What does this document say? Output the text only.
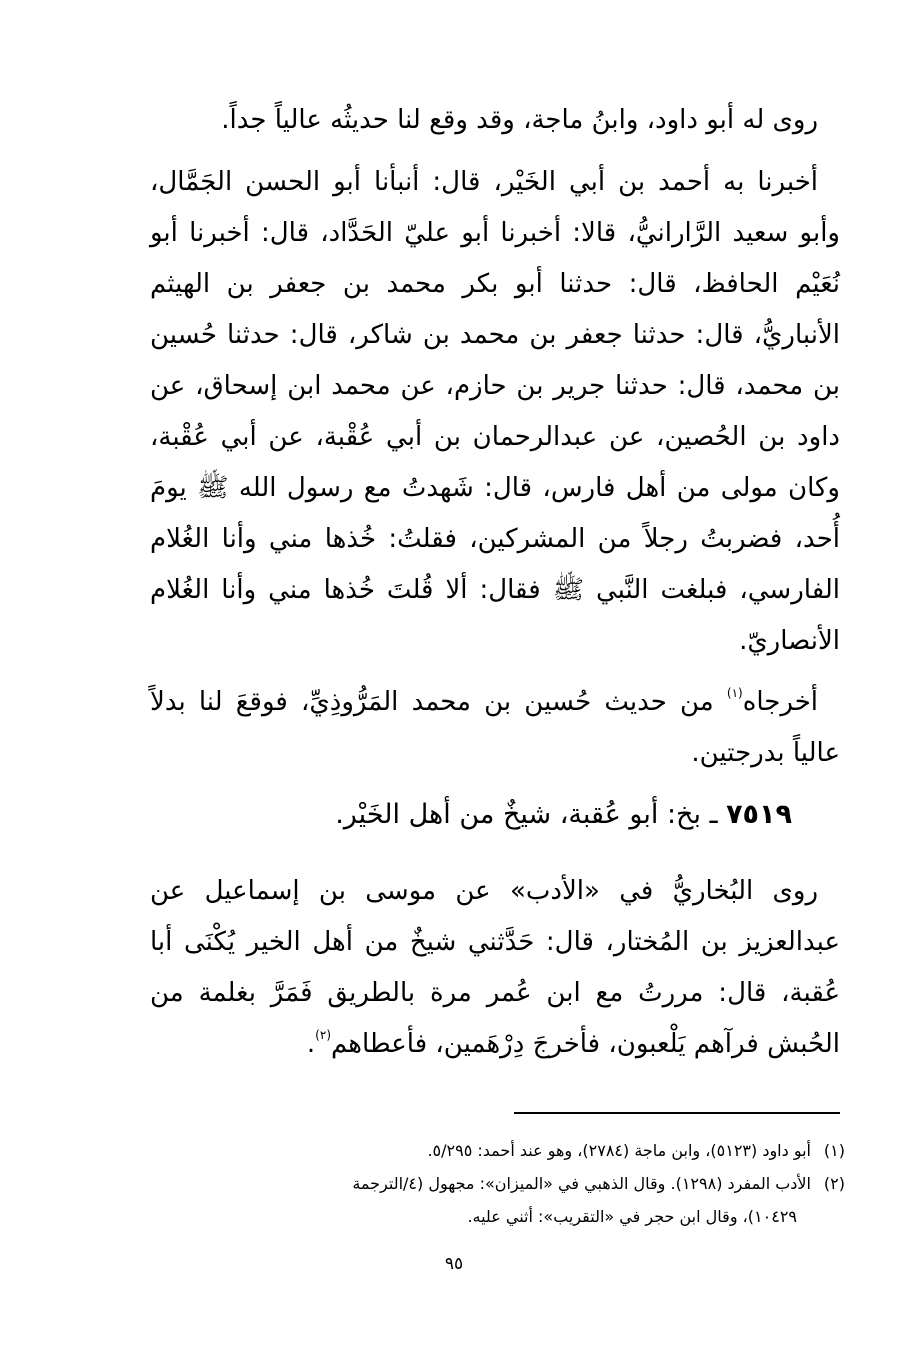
روى له أبو داود، وابنُ ماجة، وقد وقع لنا حديثُه عالياً جداً.

أخبرنا به أحمد بن أبي الخَيْر، قال: أنبأنا أبو الحسن الجَمَّال، وأبو سعيد الرَّارانيُّ، قالا: أخبرنا أبو عليّ الحَدَّاد، قال: أخبرنا أبو نُعَيْم الحافظ، قال: حدثنا أبو بكر محمد بن جعفر بن الهيثم الأنباريُّ، قال: حدثنا جعفر بن محمد بن شاكر، قال: حدثنا حُسين بن محمد، قال: حدثنا جرير بن حازم، عن محمد ابن إسحاق، عن داود بن الحُصين، عن عبدالرحمان بن أبي عُقْبة، عن أبي عُقْبة، وكان مولى من أهل فارس، قال: شَهدتُ مع رسول الله ﷺ يومَ أُحد، فضربتُ رجلاً من المشركين، فقلتُ: خُذها مني وأنا الغُلام الفارسي، فبلغت النَّبي ﷺ فقال: ألا قُلتَ خُذها مني وأنا الغُلام الأنصاريّ.

أخرجاه$^{(١)}$ من حديث حُسين بن محمد المَرُّوذِيِّ، فوقعَ لنا بدلاً عالياً بدرجتين.

٧٥١٩ ـ بخ: أبو عُقبة، شيخٌ من أهل الخَيْر.

روى البُخاريُّ في «الأدب» عن موسى بن إسماعيل عن عبدالعزيز بن المُختار، قال: حَدَّثني شيخٌ من أهل الخير يُكْنَى أبا عُقبة، قال: مررتُ مع ابن عُمر مرة بالطريق فَمَرَّ بغلمة من الحُبش فرآهم يَلْعبون، فأخرجَ دِرْهَمين، فأعطاهم$^{(٢)}$.

(١)أبو داود (٥١٢٣)، وابن ماجة (٢٧٨٤)، وهو عند أحمد: ٥/٢٩٥.

(٢)الأدب المفرد (١٢٩٨). وقال الذهبي في «الميزان»: مجهول (٤/الترجمة

١٠٤٢٩)، وقال ابن حجر في «التقريب»: أثني عليه.

٩٥
